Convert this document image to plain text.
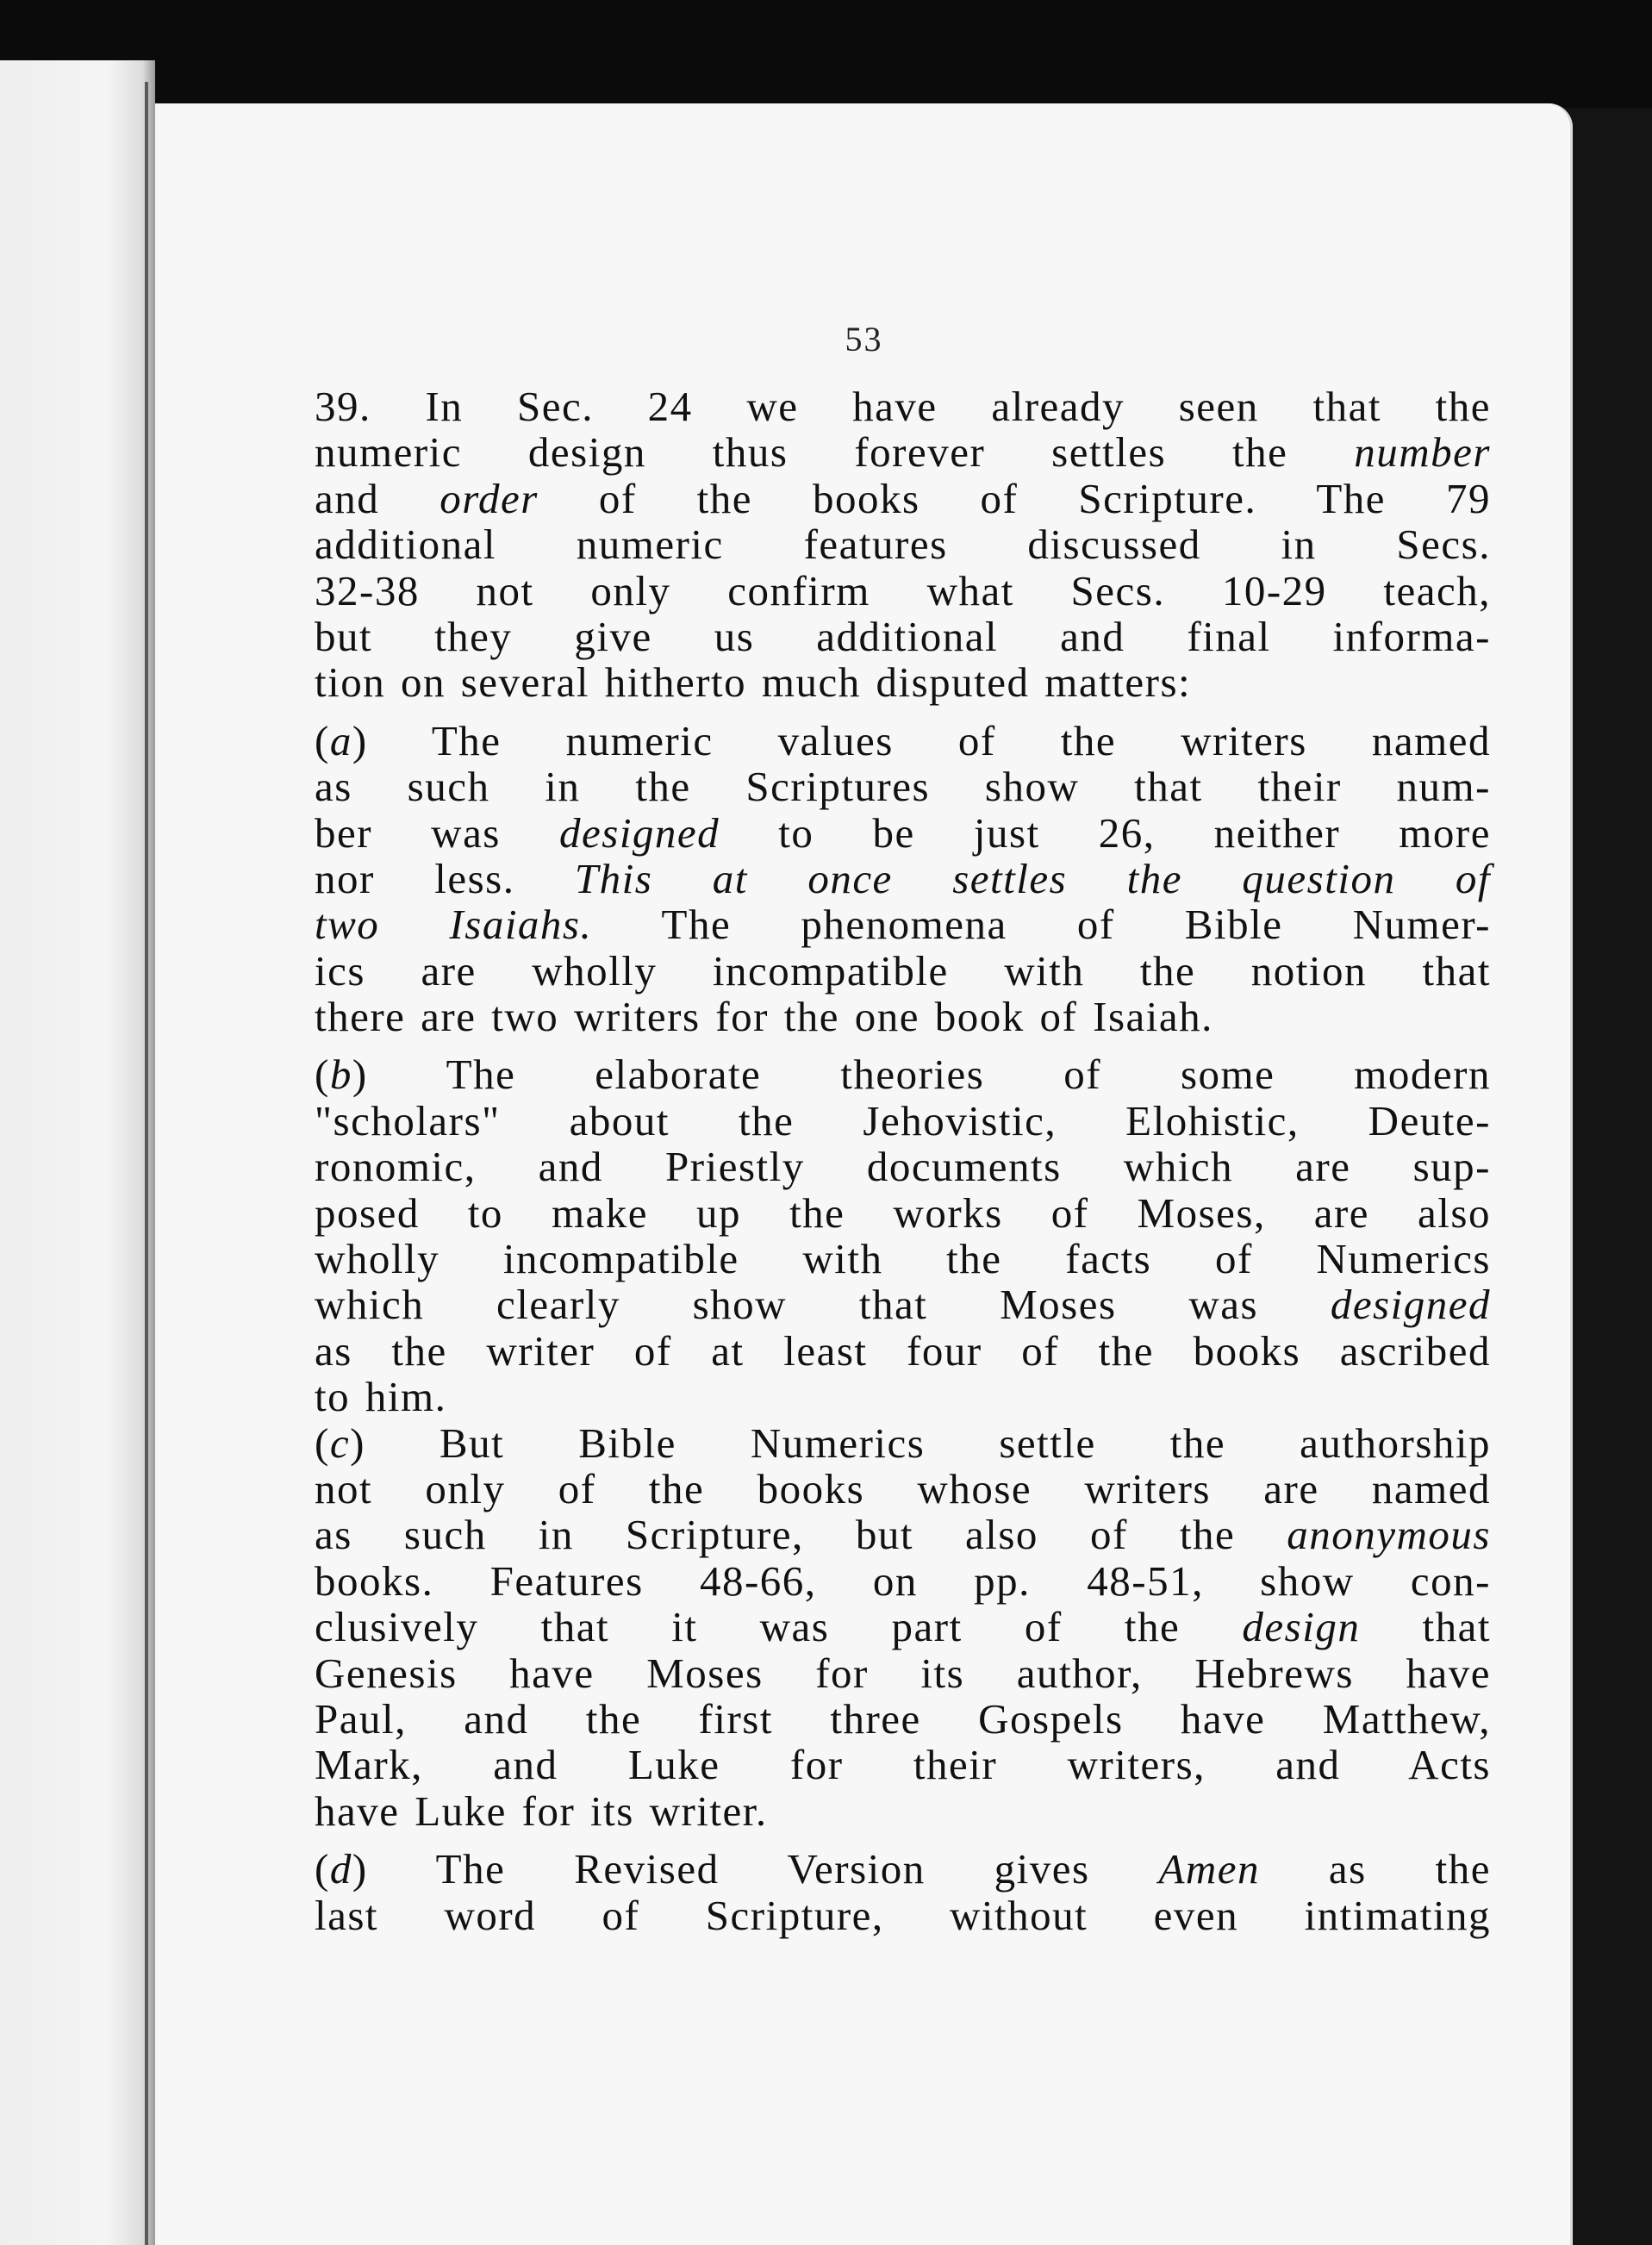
53
39. In Sec. 24 we have already seen that the
numeric design thus forever settles the number
and order of the books of Scripture. The 79
additional numeric features discussed in Secs.
32-38 not only confirm what Secs. 10-29 teach,
but they give us additional and final informa-
tion on several hitherto much disputed matters:
(a) The numeric values of the writers named
as such in the Scriptures show that their num-
ber was designed to be just 26, neither more
nor less. This at once settles the question of
two Isaiahs. The phenomena of Bible Numer-
ics are wholly incompatible with the notion that
there are two writers for the one book of Isaiah.
(b) The elaborate theories of some modern
"scholars" about the Jehovistic, Elohistic, Deute-
ronomic, and Priestly documents which are sup-
posed to make up the works of Moses, are also
wholly incompatible with the facts of Numerics
which clearly show that Moses was designed
as the writer of at least four of the books ascribed
to him.
(c) But Bible Numerics settle the authorship
not only of the books whose writers are named
as such in Scripture, but also of the anonymous
books. Features 48-66, on pp. 48-51, show con-
clusively that it was part of the design that
Genesis have Moses for its author, Hebrews have
Paul, and the first three Gospels have Matthew,
Mark, and Luke for their writers, and Acts
have Luke for its writer.
(d) The Revised Version gives Amen as the
last word of Scripture, without even intimating
